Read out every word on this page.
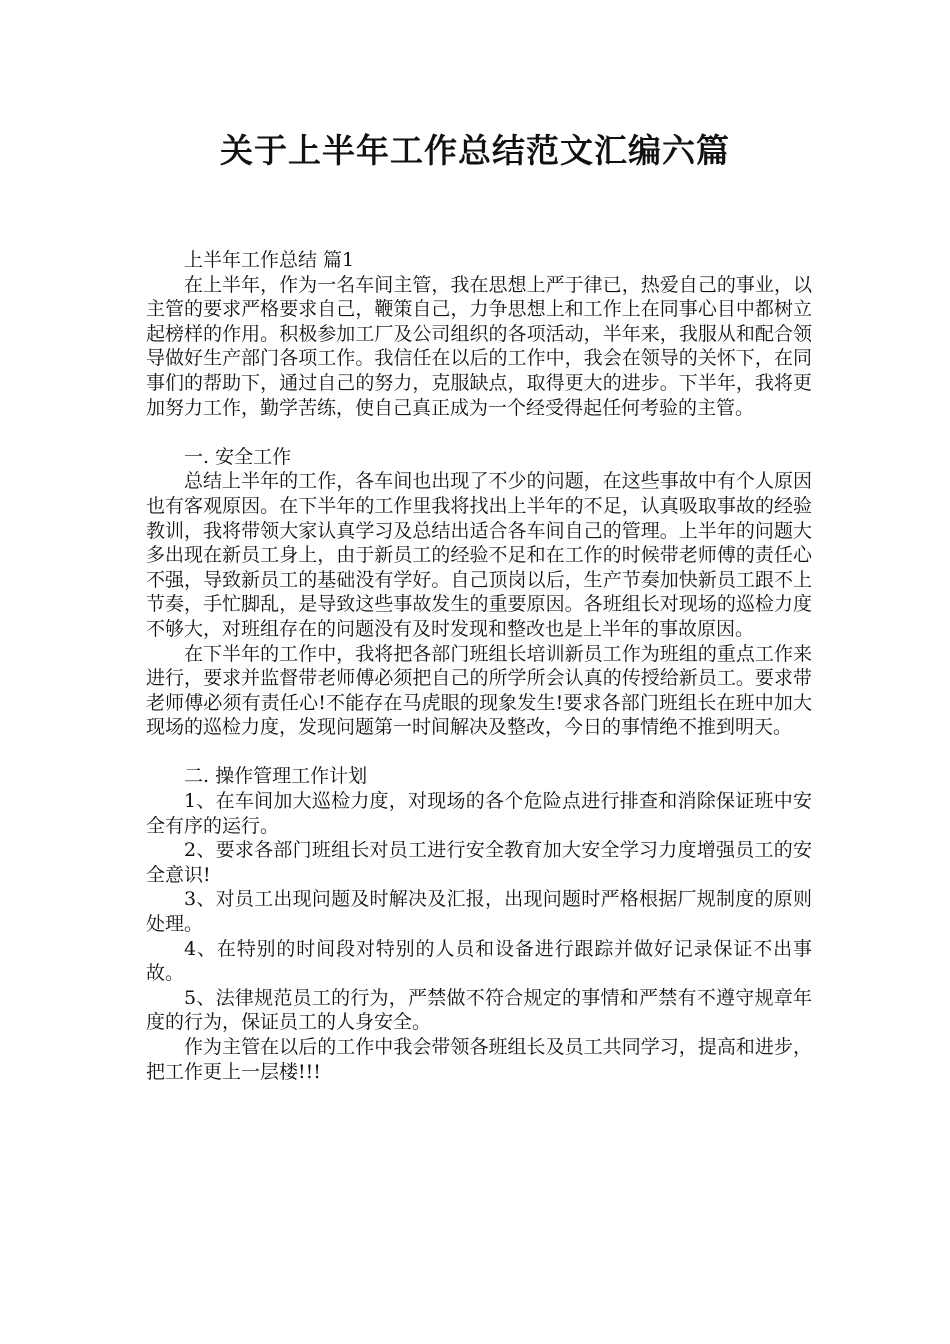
关于上半年工作总结范文汇编六篇

上半年工作总结 篇1

在上半年，作为一名车间主管，我在思想上严于律已，热爱自己的事业，以主管的要求严格要求自己，鞭策自己，力争思想上和工作上在同事心目中都树立起榜样的作用。积极参加工厂及公司组织的各项活动，半年来，我服从和配合领导做好生产部门各项工作。我信任在以后的工作中，我会在领导的关怀下，在同事们的帮助下，通过自己的努力，克服缺点，取得更大的进步。下半年，我将更加努力工作，勤学苦练，使自己真正成为一个经受得起任何考验的主管。

一. 安全工作

总结上半年的工作，各车间也出现了不少的问题，在这些事故中有个人原因也有客观原因。在下半年的工作里我将找出上半年的不足，认真吸取事故的经验教训，我将带领大家认真学习及总结出适合各车间自己的管理。上半年的问题大多出现在新员工身上，由于新员工的经验不足和在工作的时候带老师傅的责任心不强，导致新员工的基础没有学好。自己顶岗以后，生产节奏加快新员工跟不上节奏，手忙脚乱，是导致这些事故发生的重要原因。各班组长对现场的巡检力度不够大，对班组存在的问题没有及时发现和整改也是上半年的事故原因。

在下半年的工作中，我将把各部门班组长培训新员工作为班组的重点工作来进行，要求并监督带老师傅必须把自己的所学所会认真的传授给新员工。要求带老师傅必须有责任心!不能存在马虎眼的现象发生!要求各部门班组长在班中加大现场的巡检力度，发现问题第一时间解决及整改，今日的事情绝不推到明天。

二. 操作管理工作计划

1、在车间加大巡检力度，对现场的各个危险点进行排查和消除保证班中安全有序的运行。

2、要求各部门班组长对员工进行安全教育加大安全学习力度增强员工的安全意识!

3、对员工出现问题及时解决及汇报，出现问题时严格根据厂规制度的原则处理。

4、在特别的时间段对特别的人员和设备进行跟踪并做好记录保证不出事故。

5、法律规范员工的行为，严禁做不符合规定的事情和严禁有不遵守规章年度的行为，保证员工的人身安全。

作为主管在以后的工作中我会带领各班组长及员工共同学习，提高和进步，把工作更上一层楼!!!
